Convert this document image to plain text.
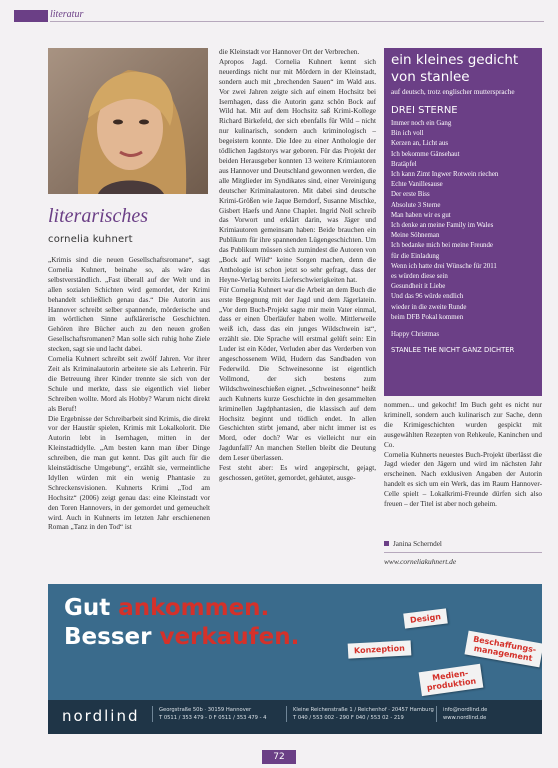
literatur
literarisches
cornelia kuhnert
„Krimis sind die neuen Gesellschaftsromane“, sagt Cornelia Kuhnert, beinahe so, als wäre das selbstverständlich. „Fast überall auf der Welt und in allen sozialen Schichten wird gemordet, der Krimi behandelt schließlich genau das.“ Die Autorin aus Hannover schreibt selber spannende, mörderische und im wörtlichen Sinne aufklärerische Geschichten. Gehören ihre Bücher auch zu den neuen großen Gesellschaftsromanen? Man solle sich ruhig hohe Ziele stecken, sagt sie und lacht dabei.
Cornelia Kuhnert schreibt seit zwölf Jahren. Vor ihrer Zeit als Kriminalautorin arbeitete sie als Lehrerin. Für die Betreuung ihrer Kinder trennte sie sich von der Schule und merkte, dass sie eigentlich viel lieber Schreiben wollte. Mord als Hobby? Warum nicht direkt als Beruf!
Die Ergebnisse der Schreibarbeit sind Krimis, die direkt vor der Haustür spielen, Krimis mit Lokalkolorit. Die Autorin lebt in Isernhagen, mitten in der Kleinstadtidylle. „Am besten kann man über Dinge schreiben, die man gut kennt. Das gilt auch für die kleinstädtische Umgebung“, erzählt sie, vermeintliche Idyllen würden mit ein wenig Phantasie zu Schreckensvisionen. Kuhnerts Krimi „Tod am Hochsitz“ (2006) zeigt genau das: eine Kleinstadt vor den Toren Hannovers, in der gemordet und gemeuchelt wird. Auch in Kuhnerts im letzten Jahr erschienenen Roman „Tanz in den Tod“ ist
die Kleinstadt vor Hannover Ort der Verbrechen.
Apropos Jagd. Cornelia Kuhnert kennt sich neuerdings nicht nur mit Mördern in der Kleinstadt, sondern auch mit „brechenden Sauen“ im Wald aus. Vor zwei Jahren zeigte sich auf einem Hochsitz bei Isernhagen, dass die Autorin ganz schön Bock auf Wild hat. Mit auf dem Hochsitz saß Krimi-Kollege Richard Birkefeld, der sich ebenfalls für Wild – nicht nur kulinarisch, sondern auch kriminologisch – begeistern konnte. Die Idee zu einer Anthologie der tödlichen Jagdstorys war geboren. Für das Projekt der beiden Herausgeber konnten 13 weitere Krimiautoren aus Hannover und Deutschland gewonnen werden, die alle Mitglieder im Syndikates sind, einer Vereinigung deutscher Kriminalautoren. Mit dabei sind deutsche Krimi-Größen wie Jaque Berndorf, Susanne Mischke, Gisbert Haefs und Anne Chaplet. Ingrid Noll schreib das Vorwort und erklärt darin, was Jäger und Krimiautoren gemeinsam haben: Beide brauchen ein Publikum für ihre spannenden Lügengeschichten. Um das Publikum müssen sich zumindest die Autoren von „Bock auf Wild“ keine Sorgen machen, denn die Anthologie ist schon jetzt so sehr gefragt, dass der Heyne-Verlag bereits Lieferschwierigkeiten hat.
Für Cornelia Kuhnert war die Arbeit an dem Buch die erste Begegnung mit der Jagd und dem Jägerlatein. „Vor dem Buch-Projekt sagte mir mein Vater einmal, dass er einen Überläufer haben wolle. Mittlerweile weiß ich, dass das ein junges Wildschwein ist“, erzählt sie. Die Sprache will erstmal gelüft sein: Ein Luder ist ein Köder, Verluden aber das Verderben von angeschossenem Wild, Hudern das Sandbaden von Federwild. Die Schweinesonne ist eigentlich Vollmond, der sich bestens zum Wildschweineschießen eignet. „Schweinesonne“ heißt auch Kuhnerts kurze Geschichte in den gesammelten kriminellen Jagdphantasien, die klassisch auf dem Hochsitz beginnt und tödlich endet. In allen Geschichten stirbt jemand, aber nicht immer ist es Mord, oder doch? War es vielleicht nur ein Jagdunfall? An manchen Stellen bleibt die Deutung dem Leser überlassen.
Fest steht aber: Es wird angepirscht, gejagt, geschossen, getötet, gemordet, gehäutet, ausge-
ein kleines gedicht
von stanlee
auf deutsch, trotz englischer muttersprache
DREI STERNE
Immer noch ein Gang
Bin ich voll
Kerzen an, Licht aus
Ich bekomme Gänsehaut
Bratäpfel
Ich kann Zimt Ingwer Rotwein riechen
Echte Vanillesause
Der erste Biss
Absolute 3 Sterne
Man haben wir es gut
Ich denke an meine Family im Wales
Meine Söhneman
Ich bedanke mich bei meine Freunde
für die Einladung
Wenn ich hatte drei Wünsche für 2011
es würden diese sein
Gesundheit it Liebe
Und das 96 würde endlich
wieder in die zweite Runde
beim DFB Pokal kommen
Happy Christmas
STANLEE THE NICHT GANZ DICHTER
nommen... und gekocht! Im Buch geht es nicht nur kriminell, sondern auch kulinarisch zur Sache, denn die Krimigeschichten wurden gespickt mit ausgewählten Rezepten von Rehkeule, Kaninchen und Co.
Cornelia Kuhnerts neuestes Buch-Projekt überlässt die Jagd wieder den Jägern und wird im nächsten Jahr erscheinen. Nach exklusiven Angaben der Autorin handelt es sich um ein Werk, das im Raum Hannover-Celle spielt – Lokalkrimi-Freunde dürfen sich also freuen – der Titel ist aber noch geheim.
Janina Scherndel
www.corneliakuhnert.de
Gut ankommen.
Besser verkaufen.
Design
Konzeption	Beschaffungs-
management
Medien-
produktion
nordlind	Georgstraße 50b · 30159 Hannover
T 0511 / 353 479 - 0 F 0511 / 353 479 - 4
Kleine Reichenstraße 1 / Reichenhof · 20457 Hamburg
T 040 / 553 002 - 290 F 040 / 553 02 - 219
info@nordlind.de
www.nordlind.de
72
